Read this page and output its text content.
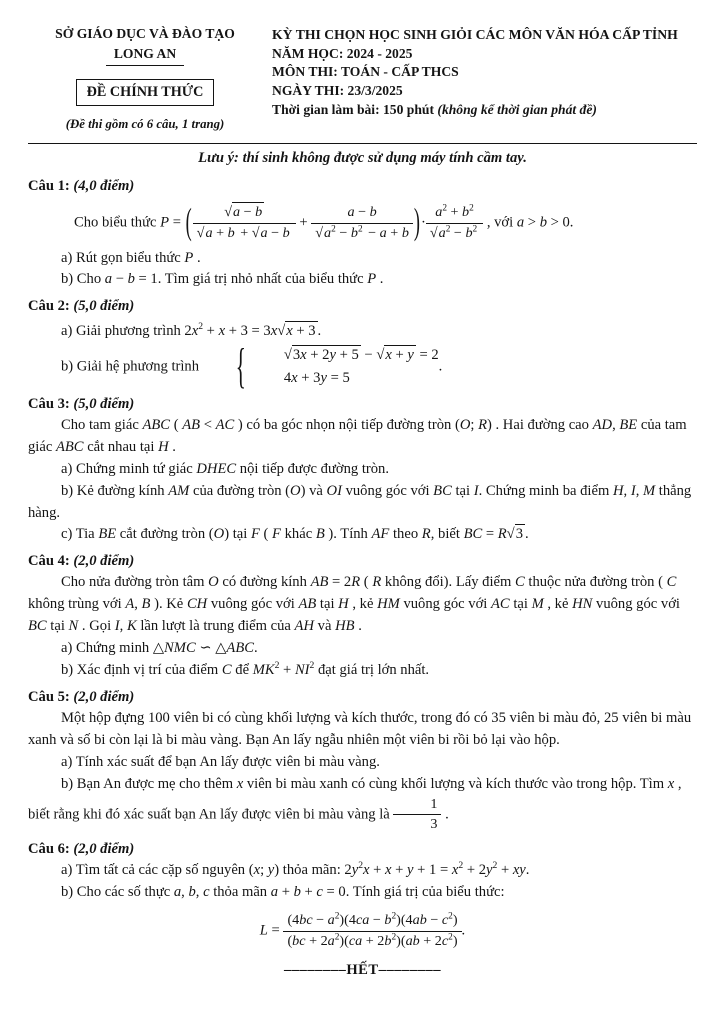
SỞ GIÁO DỤC VÀ ĐÀO TẠO
LONG AN
ĐỀ CHÍNH THỨC
(Đề thi gồm có 6 câu, 1 trang)
KỲ THI CHỌN HỌC SINH GIỎI CÁC MÔN VĂN HÓA CẤP TỈNH
NĂM HỌC: 2024 - 2025
MÔN THI: TOÁN - CẤP THCS
NGÀY THI: 23/3/2025
Thời gian làm bài: 150 phút (không kể thời gian phát đề)
Lưu ý: thí sinh không được sử dụng máy tính cầm tay.
Câu 1: (4,0 điểm)

Cho biểu thức P = ( $\frac{√a - b}{√a + b + √a - b} + \frac{a - b}{√a^2 - b^2 - a + b}$ )· $\frac{a^2 + b^2}{√a^2 - b^2}$ , với a > b > 0.

a) Rút gọn biểu thức P .

b) Cho a − b = 1. Tìm giá trị nhỏ nhất của biểu thức P .

Câu 2: (5,0 điểm)

a) Giải phương trình $2x^2 + x + 3 = 3x√x + 3$ .

b) Giải hệ phương trình	{	√3x + 2y + 5 − √x + y = 2
4x + 3y = 5
.

Câu 3: (5,0 điểm)

Cho tam giác ABC ( AB < AC ) có ba góc nhọn nội tiếp đường tròn (O; R) . Hai đường cao AD, BE của tam giác ABC cắt nhau tại H .

a) Chứng minh tứ giác DHEC nội tiếp được đường tròn.

b) Kẻ đường kính AM của đường tròn (O) và OI vuông góc với BC tại I. Chứng minh ba điểm H, I, M thẳng hàng.

c) Tia BE cắt đường tròn (O) tại F ( F khác B ). Tính AF theo R, biết BC = R√3 .

Câu 4: (2,0 điểm)

Cho nửa đường tròn tâm O có đường kính AB = 2R ( R không đổi). Lấy điểm C thuộc nửa đường tròn ( C không trùng với A, B ). Kẻ CH vuông góc với AB tại H , kẻ HM vuông góc với AC tại M , kẻ HN vuông góc với BC tại N . Gọi I, K lần lượt là trung điểm của AH và HB .

a) Chứng minh △NMC ∽ △ABC.

b) Xác định vị trí của điểm C để $MK^2 + NI^2$ đạt giá trị lớn nhất.

Câu 5: (2,0 điểm)

Một hộp đựng 100 viên bi có cùng khối lượng và kích thước, trong đó có 35 viên bi màu đỏ, 25 viên bi màu xanh và số bi còn lại là bi màu vàng. Bạn An lấy ngẫu nhiên một viên bi rồi bỏ lại vào hộp.

a) Tính xác suất để bạn An lấy được viên bi màu vàng.

b) Bạn An được mẹ cho thêm x viên bi màu xanh có cùng khối lượng và kích thước vào trong hộp. Tìm x , biết rằng khi đó xác suất bạn An lấy được viên bi màu vàng là $\frac{1}{3}$ .

Câu 6: (2,0 điểm)

a) Tìm tất cả các cặp số nguyên (x; y) thỏa mãn: $2y^2x + x + y + 1 = x^2 + 2y^2$ + xy.

b) Cho các số thực a, b, c thỏa mãn a + b + c = 0. Tính giá trị của biểu thức:

$L = \frac{(4bc - a^2)(4ca - b^2)(4ab - c^2)}{(bc + 2a^2)(ca + 2b^2)(ab + 2c^2)}$ .

––––––––HẾT––––––––
